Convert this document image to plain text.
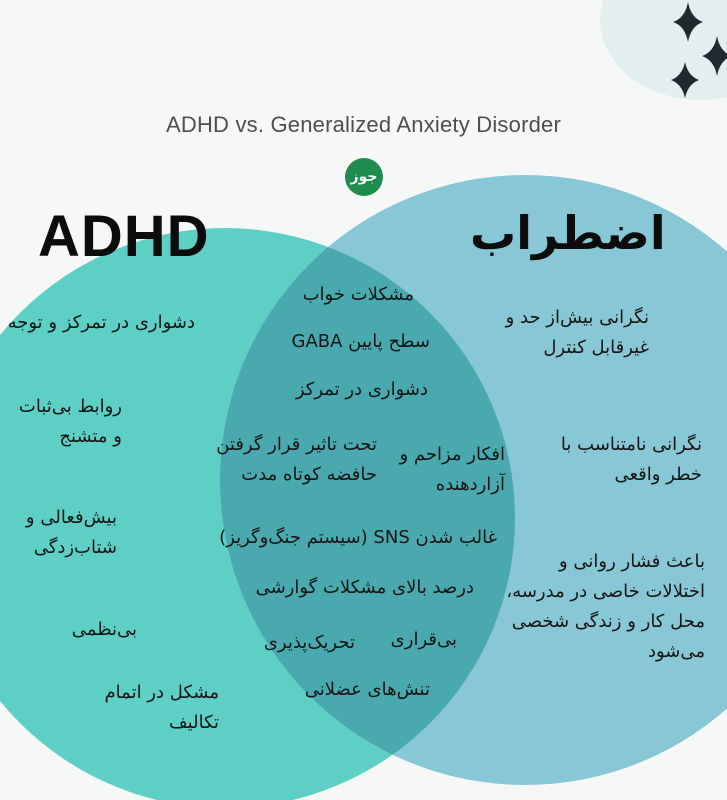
ADHD vs. Generalized Anxiety Disorder
جوز
ADHD	اضطراب
دشواری در تمرکز و توجه
روابط بی‌ثبات و متشنج
بیش‌فعالی و شتاب‌زدگی
بی‌نظمی
مشکل در اتمام تکالیف
مشکلات خواب
سطح پایین GABA
دشواری در تمرکز
تحت تاثیر قرار گرفتن حافضه کوتاه مدت
افکار مزاحم و آزاردهنده
غالب شدن SNS (سیستم جنگ‌وگریز)
درصد بالای مشکلات گوارشی
تحریک‌پذیری بی‌قراری
تنش‌های عضلانی
نگرانی بیش‌از حد و غیرقابل کنترل
نگرانی نامتناسب با خطر واقعی
باعث فشار روانی و اختلالات خاصی در مدرسه، محل کار و زندگی شخصی می‌شود
